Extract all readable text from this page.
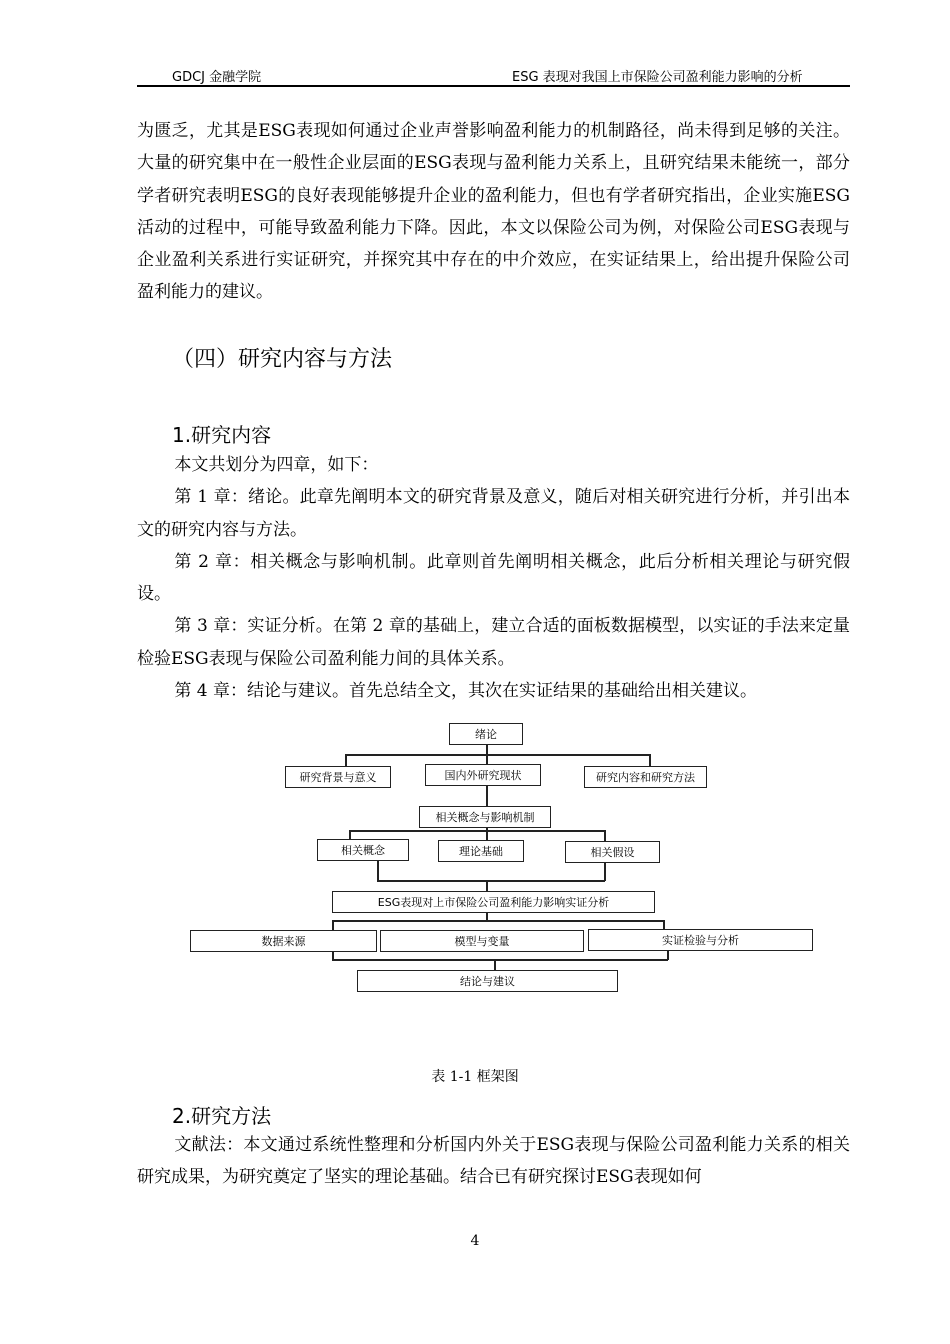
GDCJ 金融学院	ESG 表现对我国上市保险公司盈利能力影响的分析

为匮乏，尤其是ESG表现如何通过企业声誉影响盈利能力的机制路径，尚未得到足够的关注。大量的研究集中在一般性企业层面的ESG表现与盈利能力关系上，且研究结果未能统一，部分学者研究表明ESG的良好表现能够提升企业的盈利能力，但也有学者研究指出，企业实施ESG活动的过程中，可能导致盈利能力下降。因此，本文以保险公司为例，对保险公司ESG表现与企业盈利关系进行实证研究，并探究其中存在的中介效应，在实证结果上，给出提升保险公司盈利能力的建议。

（四）研究内容与方法
1.研究内容

本文共划分为四章，如下：

第 1 章：绪论。此章先阐明本文的研究背景及意义，随后对相关研究进行分析，并引出本文的研究内容与方法。

第 2 章：相关概念与影响机制。此章则首先阐明相关概念，此后分析相关理论与研究假设。

第 3 章：实证分析。在第 2 章的基础上，建立合适的面板数据模型，以实证的手法来定量检验ESG表现与保险公司盈利能力间的具体关系。

第 4 章：结论与建议。首先总结全文，其次在实证结果的基础给出相关建议。

绪论
研究背景与意义	国内外研究现状	研究内容和研究方法
相关概念与影响机制
相关概念	理论基础	相关假设
ESG表现对上市保险公司盈利能力影响实证分析
数据来源	模型与变量	实证检验与分析
结论与建议
表 1-1 框架图
2.研究方法

文献法：本文通过系统性整理和分析国内外关于ESG表现与保险公司盈利能力关系的相关研究成果，为研究奠定了坚实的理论基础。结合已有研究探讨ESG表现如何

4
